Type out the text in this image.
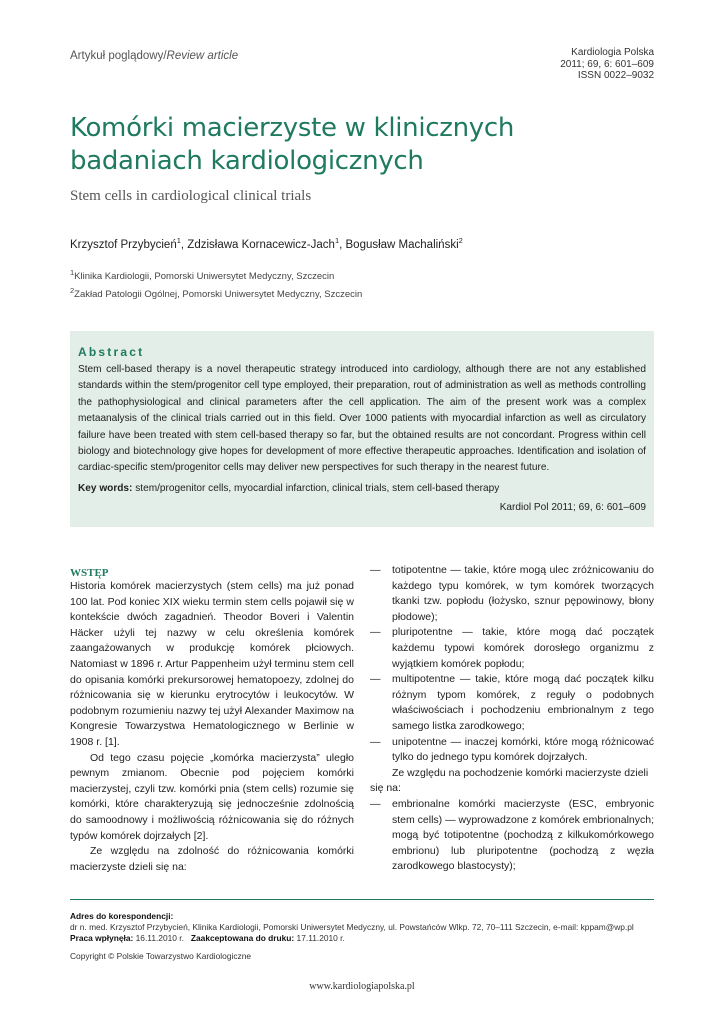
Artykuł poglądowy/Review article	Kardiologia Polska
2011; 69, 6: 601–609
ISSN 0022–9032
Komórki macierzyste w klinicznych badaniach kardiologicznych
Stem cells in cardiological clinical trials
Krzysztof Przybycień$^1$, Zdzisława Kornacewicz-Jach$^1$, Bogusław Machaliński$^2$
$^1$Klinika Kardiologii, Pomorski Uniwersytet Medyczny, Szczecin
$^2$Zakład Patologii Ogólnej, Pomorski Uniwersytet Medyczny, Szczecin
Abstract
Stem cell-based therapy is a novel therapeutic strategy introduced into cardiology, although there are not any established standards within the stem/progenitor cell type employed, their preparation, rout of administration as well as methods controlling the pathophysiological and clinical parameters after the cell application. The aim of the present work was a complex metaanalysis of the clinical trials carried out in this field. Over 1000 patients with myocardial infarction as well as circulatory failure have been treated with stem cell-based therapy so far, but the obtained results are not concordant. Progress within cell biology and biotechnology give hopes for development of more effective therapeutic approaches. Identification and isolation of cardiac-specific stem/progenitor cells may deliver new perspectives for such therapy in the nearest future.
Key words: stem/progenitor cells, myocardial infarction, clinical trials, stem cell-based therapy
Kardiol Pol 2011; 69, 6: 601–609
WSTĘP

Historia komórek macierzystych (stem cells) ma już ponad 100 lat. Pod koniec XIX wieku termin stem cells pojawił się w kontekście dwóch zagadnień. Theodor Boveri i Valentin Häcker użyli tej nazwy w celu określenia komórek zaangażowanych w produkcję komórek płciowych. Natomiast w 1896 r. Artur Pappenheim użył terminu stem cell do opisania komórki prekursorowej hematopoezy, zdolnej do różnicowania się w kierunku erytrocytów i leukocytów. W podobnym rozumieniu nazwy tej użył Alexander Maximow na Kongresie Towarzystwa Hematologicznego w Berlinie w 1908 r. [1].

Od tego czasu pojęcie „komórka macierzysta” uległo pewnym zmianom. Obecnie pod pojęciem komórki macierzystej, czyli tzw. komórki pnia (stem cells) rozumie się komórki, które charakteryzują się jednocześnie zdolnością do samoodnowy i możliwością różnicowania się do różnych typów komórek dojrzałych [2].

Ze względu na zdolność do różnicowania komórki macierzyste dzieli się na:

— totipotentne — takie, które mogą ulec zróżnicowaniu do każdego typu komórek, w tym komórek tworzących tkanki tzw. popłodu (łożysko, sznur pępowinowy, błony płodowe);
— pluripotentne — takie, które mogą dać początek każdemu typowi komórek dorosłego organizmu z wyjątkiem komórek popłodu;
— multipotentne — takie, które mogą dać początek kilku różnym typom komórek, z reguły o podobnych właściwościach i pochodzeniu embrionalnym z tego samego listka zarodkowego;
— unipotentne — inaczej komórki, które mogą różnicować tylko do jednego typu komórek dojrzałych.

Ze względu na pochodzenie komórki macierzyste dzieli się na:

— embrionalne komórki macierzyste (ESC, embryonic stem cells) — wyprowadzone z komórek embrionalnych; mogą być totipotentne (pochodzą z kilkukomórkowego embrionu) lub pluripotentne (pochodzą z węzła zarodkowego blastocysty);
Adres do korespondencji:
dr n. med. Krzysztof Przybycień, Klinika Kardiologii, Pomorski Uniwersytet Medyczny, ul. Powstańców Wlkp. 72, 70–111 Szczecin, e-mail: kppam@wp.pl
Praca wpłynęła: 16.11.2010 r. Zaakceptowana do druku: 17.11.2010 r.
Copyright © Polskie Towarzystwo Kardiologiczne
www.kardiologiapolska.pl
